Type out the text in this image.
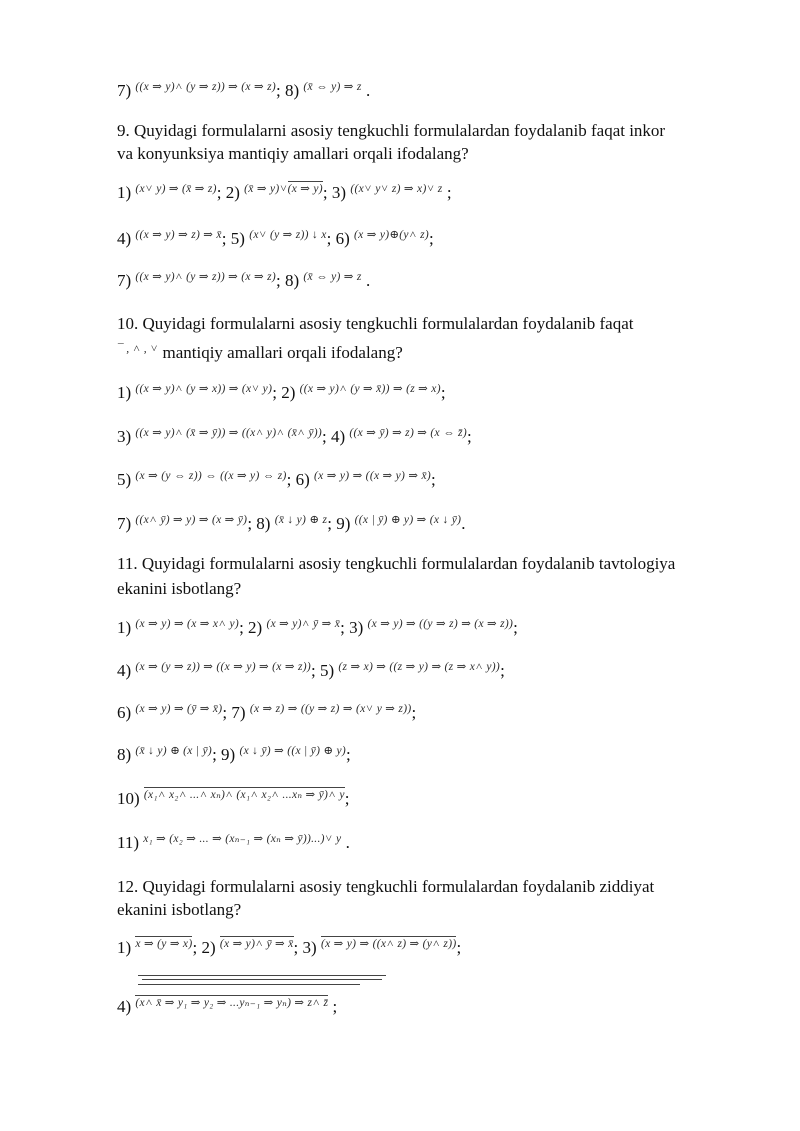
7) $^{((x \Rightarrow y)˄ (y \Rightarrow z)) \Rightarrow (x \Rightarrow z)}$; 8) $^{(x̄ \Leftrightarrow y) \Rightarrow z}$ .
9. Quyidagi formulalarni asosiy tengkuchli formulalardan foydalanib faqat inkor
va konyunksiya mantiqiy amallari orqali ifodalang?
1) $^{(x˅ y) \Rightarrow (x̄ \Rightarrow z)}$; 2) $^{(x̄ \Rightarrow y)˅(x \Rightarrow y)}$; 3) $^{((x˅ y˅ z) \Rightarrow x)˅ z}$ ;
4) $^{((x \Rightarrow y) \Rightarrow z) \Rightarrow x̄}$; 5) $^{(x˅ (y \Rightarrow z)) ↓ x}$; 6) $^{(x \Rightarrow y)\oplus(y˄ z)}$;
7) $^{((x \Rightarrow y)˄ (y \Rightarrow z)) \Rightarrow (x \Rightarrow z)}$; 8) $^{(x̄ \Leftrightarrow y) \Rightarrow z}$ .
10. Quyidagi formulalarni asosiy tengkuchli formulalardan foydalanib faqat
¯ , ˄ , ˅ mantiqiy amallari orqali ifodalang?
1) $^{((x \Rightarrow y)˄ (y \Rightarrow x)) \Rightarrow (x˅ y)}$; 2) $^{((x \Rightarrow y)˄ (y \Rightarrow x̄)) \Rightarrow (z \Rightarrow x)}$;
3) $^{((x \Rightarrow y)˄ (x̄ \Rightarrow ȳ)) \Rightarrow ((x˄ y)˄ (x̄˄ ȳ))}$; 4) $^{((x \Rightarrow ȳ) \Rightarrow z) \Rightarrow (x \Leftrightarrow z̄)}$;
5) $^{(x \Rightarrow (y \Leftrightarrow z)) \Leftrightarrow ((x \Rightarrow y) \Leftrightarrow z)}$; 6) $^{(x \Rightarrow y) \Rightarrow ((x \Rightarrow y) \Rightarrow x̄)}$;
7) $^{((x˄ ȳ) \Rightarrow y) \Rightarrow (x \Rightarrow ȳ)}$; 8) $^{(x̄ ↓ y) \oplus z}$; 9) $^{((x | ȳ) \oplus y) \Rightarrow (x ↓ ȳ)}$.
11. Quyidagi formulalarni asosiy tengkuchli formulalardan foydalanib tavtologiya
ekanini isbotlang?
1) $^{(x \Rightarrow y) \Rightarrow (x \Rightarrow x˄ y)}$; 2) $^{(x \Rightarrow y)˄ ȳ \Rightarrow x̄}$; 3) $^{(x \Rightarrow y) \Rightarrow ((y \Rightarrow z) \Rightarrow (x \Rightarrow z))}$;
4) $^{(x \Rightarrow (y \Rightarrow z)) \Rightarrow ((x \Rightarrow y) \Rightarrow (x \Rightarrow z))}$; 5) $^{(z \Rightarrow x) \Rightarrow ((z \Rightarrow y) \Rightarrow (z \Rightarrow x˄ y))}$;
6) $^{(x \Rightarrow y) \Rightarrow (ȳ \Rightarrow x̄)}$; 7) $^{(x \Rightarrow z) \Rightarrow ((y \Rightarrow z) \Rightarrow (x˅ y \Rightarrow z))}$;
8) $^{(x̄ ↓ y) \oplus (x | ȳ)}$; 9) $^{(x ↓ ȳ) \Rightarrow ((x | ȳ) \oplus y)}$;
10) $^{(x_1˄ x_2˄ ...˄ x_n)˄ (x_1˄ x_2˄ ...x_n \Rightarrow ȳ)˄ y}$;
11) $^{x_1 \Rightarrow (x_2 \Rightarrow ... \Rightarrow (x_{n-1} \Rightarrow (x_n \Rightarrow ȳ))...)˅ y}$ .
12. Quyidagi formulalarni asosiy tengkuchli formulalardan foydalanib ziddiyat
ekanini isbotlang?
1) $^{x \Rightarrow (y \Rightarrow x)}$; 2) $^{(x \Rightarrow y)˄ ȳ \Rightarrow x̄}$; 3) $^{(x \Rightarrow y) \Rightarrow ((x˄ z) \Rightarrow (y˄ z))}$;
4) $^{(x˄ x̄ \Rightarrow y_1 \Rightarrow y_2 \Rightarrow ...y_{n-1} \Rightarrow y_n) \Rightarrow z˄ z̄}$ ;
